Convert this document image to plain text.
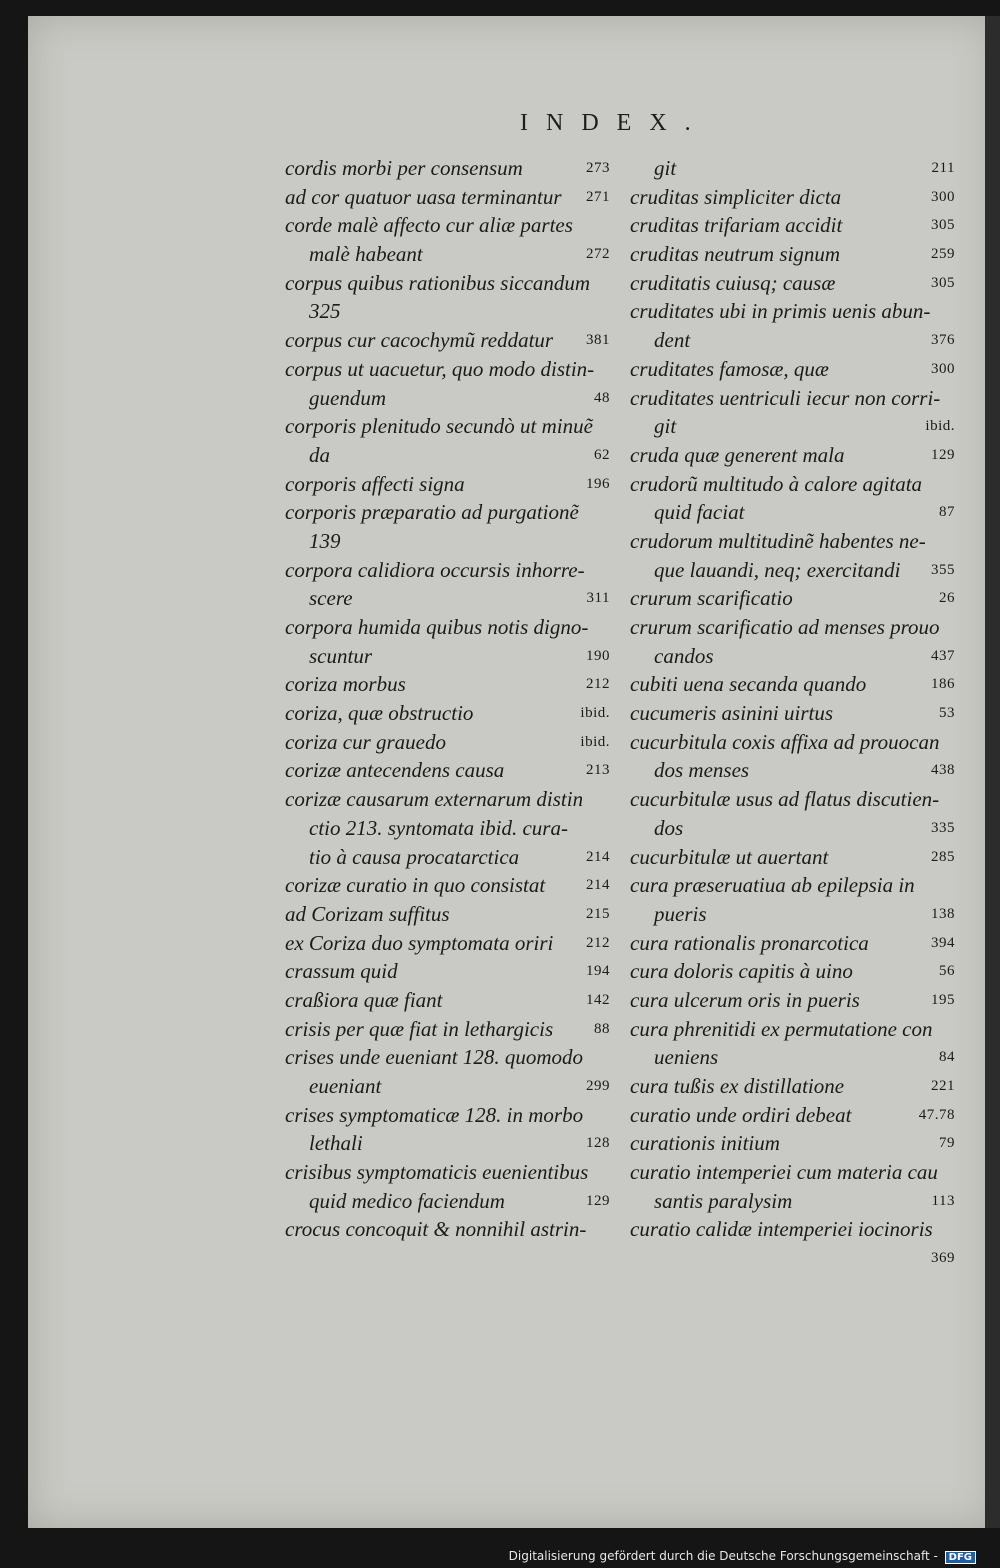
INDEX.
cordis morbi per consensum	273
ad cor quatuor uasa terminantur 271
corde malè affecto cur aliæ partes
malè habeant	272
corpus quibus rationibus siccandum
325
corpus cur cacochymũ reddatur 381
corpus ut uacuetur, quo modo distin-
guendum	48
corporis plenitudo secundò ut minuẽ
da	62
corporis affecti signa	196
corporis præparatio ad purgationẽ
139
corpora calidiora occursis inhorre-
scere	311
corpora humida quibus notis digno-
scuntur	190
coriza morbus	212
coriza, quæ obstructio	ibid.
coriza cur grauedo	ibid.
corizæ antecendens causa	213
corizæ causarum externarum distin
ctio 213. syntomata ibid. cura-
tio à causa procatarctica	214
corizæ curatio in quo consistat	214
ad Corizam suffitus	215
ex Coriza duo symptomata oriri 212
crassum quid	194
craßiora quæ fiant	142
crisis per quæ fiat in lethargicis	88
crises unde eueniant 128. quomodo
eueniant	299
crises symptomaticæ 128. in morbo
lethali	128
crisibus symptomaticis euenientibus
quid medico faciendum	129
crocus concoquit & nonnihil astrin-
git	211
cruditas simpliciter dicta	300
cruditas trifariam accidit	305
cruditas neutrum signum	259
cruditatis cuiusq; causæ	305
cruditates ubi in primis uenis abun-
dent	376
cruditates famosæ, quæ	300
cruditates uentriculi iecur non corri-
git	ibid.
cruda quæ generent mala	129
crudorũ multitudo à calore agitata
quid faciat	87
crudorum multitudinẽ habentes ne-
que lauandi, neq; exercitandi 355
crurum scarificatio	26
crurum scarificatio ad menses prouo
candos	437
cubiti uena secanda quando	186
cucumeris asinini uirtus	53
cucurbitula coxis affixa ad prouocan
dos menses	438
cucurbitulæ usus ad flatus discutien-
dos	335
cucurbitulæ ut auertant	285
cura præseruatiua ab epilepsia in
pueris	138
cura rationalis pronarcotica	394
cura doloris capitis à uino	56
cura ulcerum oris in pueris	195
cura phrenitidi ex permutatione con
ueniens	84
cura tußis ex distillatione	221
curatio unde ordiri debeat	47.78
curationis initium	79
curatio intemperiei cum materia cau
santis paralysim	113
curatio calidæ intemperiei iocinoris
369
Digitalisierung gefördert durch die Deutsche Forschungsgemeinschaft - DFG
